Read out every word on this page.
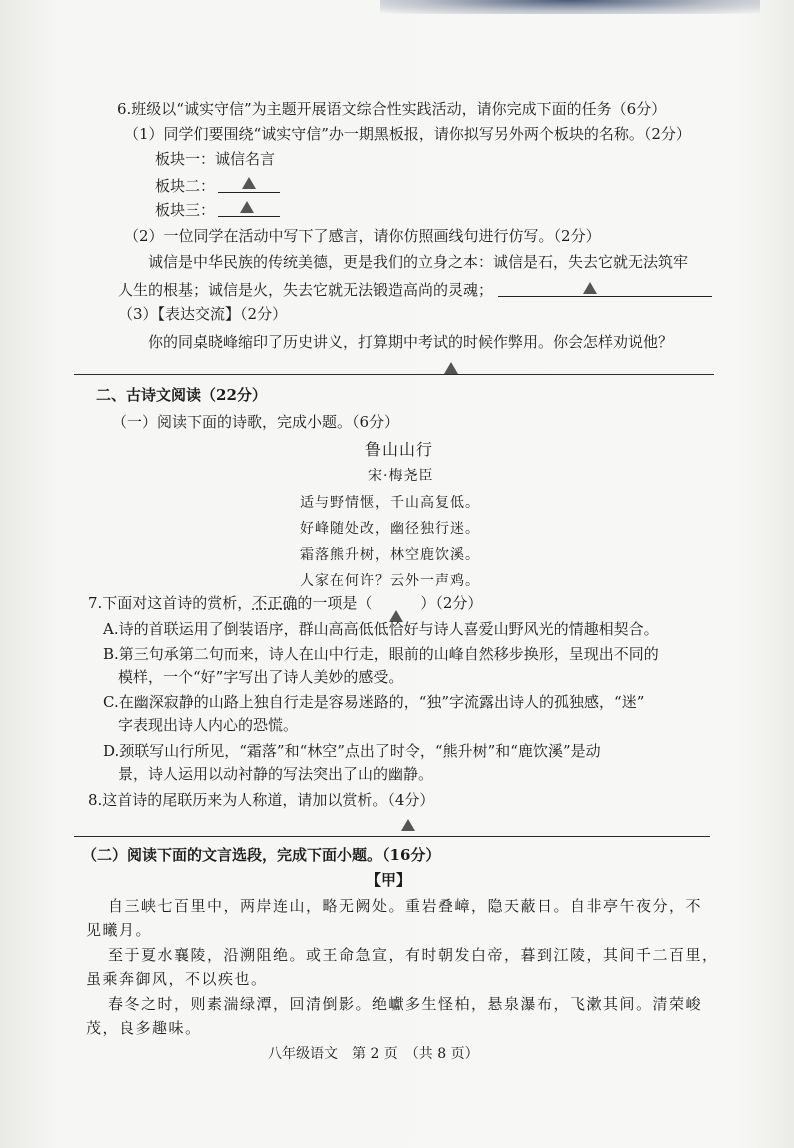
6.班级以“诚实守信”为主题开展语文综合性实践活动，请你完成下面的任务（6分）
（1）同学们要围绕“诚实守信”办一期黑板报，请你拟写另外两个板块的名称。（2分）
板块一：诚信名言
板块二：
板块三：
（2）一位同学在活动中写下了感言，请你仿照画线句进行仿写。（2分）
诚信是中华民族的传统美德，更是我们的立身之本：诚信是石，失去它就无法筑牢
人生的根基；诚信是火，失去它就无法锻造高尚的灵魂；
（3）【表达交流】（2分）
你的同桌晓峰缩印了历史讲义，打算期中考试的时候作弊用。你会怎样劝说他？
二、古诗文阅读（22分）
（一）阅读下面的诗歌，完成小题。（6分）
鲁山山行
宋·梅尧臣
适与野情惬，千山高复低。
好峰随处改，幽径独行迷。
霜落熊升树，林空鹿饮溪。
人家在何许？云外一声鸡。
7.下面对这首诗的赏析，不正确的一项是（	）（2分）
A.诗的首联运用了倒装语序，群山高高低低恰好与诗人喜爱山野风光的情趣相契合。
B.第三句承第二句而来，诗人在山中行走，眼前的山峰自然移步换形，呈现出不同的
模样，一个“好”字写出了诗人美妙的感受。
C.在幽深寂静的山路上独自行走是容易迷路的，“独”字流露出诗人的孤独感，“迷”
字表现出诗人内心的恐慌。
D.颈联写山行所见，“霜落”和“林空”点出了时令，“熊升树”和“鹿饮溪”是动
景，诗人运用以动衬静的写法突出了山的幽静。
8.这首诗的尾联历来为人称道，请加以赏析。（4分）
（二）阅读下面的文言选段，完成下面小题。（16分）
【甲】
自三峡七百里中，两岸连山，略无阙处。重岩叠嶂，隐天蔽日。自非亭午夜分，不
见曦月。
至于夏水襄陵，沿溯阻绝。或王命急宣，有时朝发白帝，暮到江陵，其间千二百里，
虽乘奔御风，不以疾也。
春冬之时，则素湍绿潭，回清倒影。绝巘多生怪柏，悬泉瀑布，飞漱其间。清荣峻
茂，良多趣味。
八年级语文　第 2 页　（共 8 页）
